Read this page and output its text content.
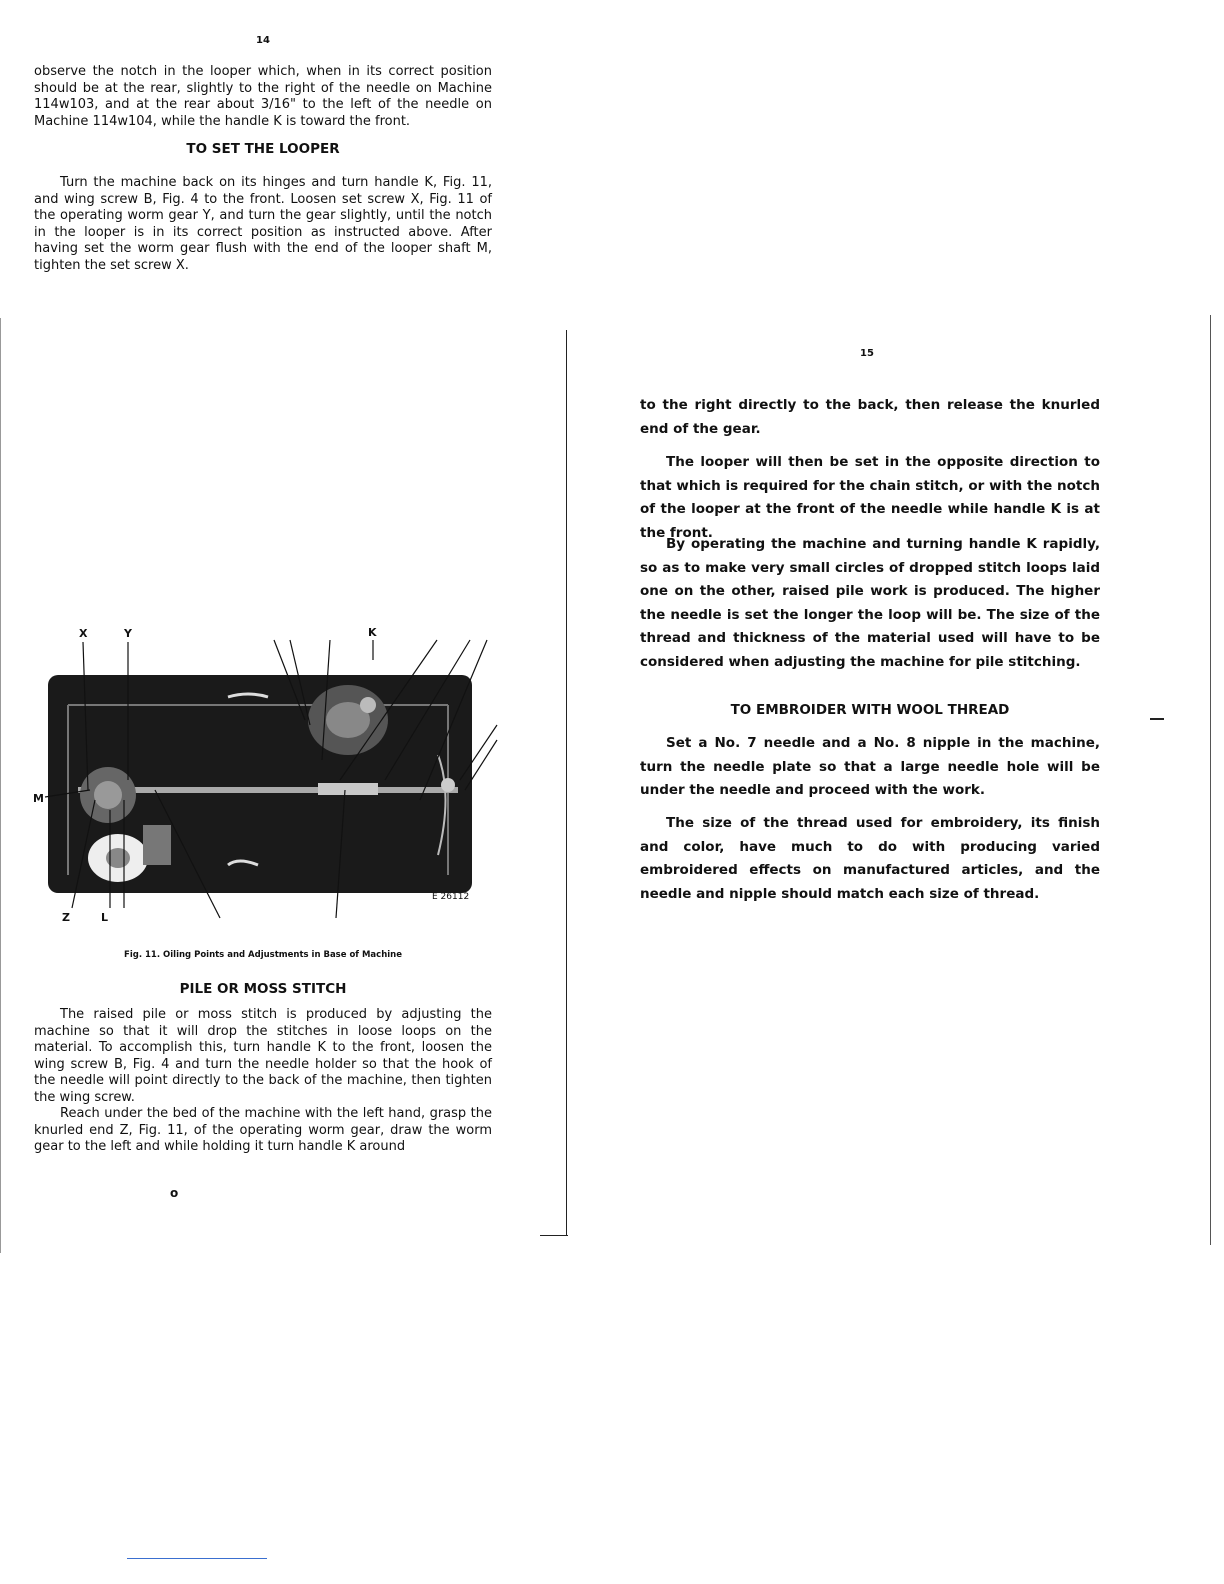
14

observe the notch in the looper which, when in its correct position should be at the rear, slightly to the right of the needle on Machine 114w103, and at the rear about 3/16" to the left of the needle on Machine 114w104, while the handle K is toward the front.

TO SET THE LOOPER

Turn the machine back on its hinges and turn handle K, Fig. 11, and wing screw B, Fig. 4 to the front. Loosen set screw X, Fig. 11 of the operating worm gear Y, and turn the gear slightly, until the notch in the looper is in its correct position as instructed above. After having set the worm gear flush with the end of the looper shaft M, tighten the set screw X.

X	Y	K
M
Z	L
E 26112
Fig. 11. Oiling Points and Adjustments in Base of Machine
PILE OR MOSS STITCH

The raised pile or moss stitch is produced by adjusting the machine so that it will drop the stitches in loose loops on the material. To accomplish this, turn handle K to the front, loosen the wing screw B, Fig. 4 and turn the needle holder so that the hook of the needle will point directly to the back of the machine, then tighten the wing screw.

Reach under the bed of the machine with the left hand, grasp the knurled end Z, Fig. 11, of the operating worm gear, draw the worm gear to the left and while holding it turn handle K around

o
15

to the right directly to the back, then release the knurled end of the gear.

The looper will then be set in the opposite direction to that which is required for the chain stitch, or with the notch of the looper at the front of the needle while handle K is at the front.

By operating the machine and turning handle K rapidly, so as to make very small circles of dropped stitch loops laid one on the other, raised pile work is produced. The higher the needle is set the longer the loop will be. The size of the thread and thickness of the material used will have to be considered when adjusting the machine for pile stitching.

TO EMBROIDER WITH WOOL THREAD

Set a No. 7 needle and a No. 8 nipple in the machine, turn the needle plate so that a large needle hole will be under the needle and proceed with the work.

The size of the thread used for embroidery, its finish and color, have much to do with producing varied embroidered effects on manufactured articles, and the needle and nipple should match each size of thread.
